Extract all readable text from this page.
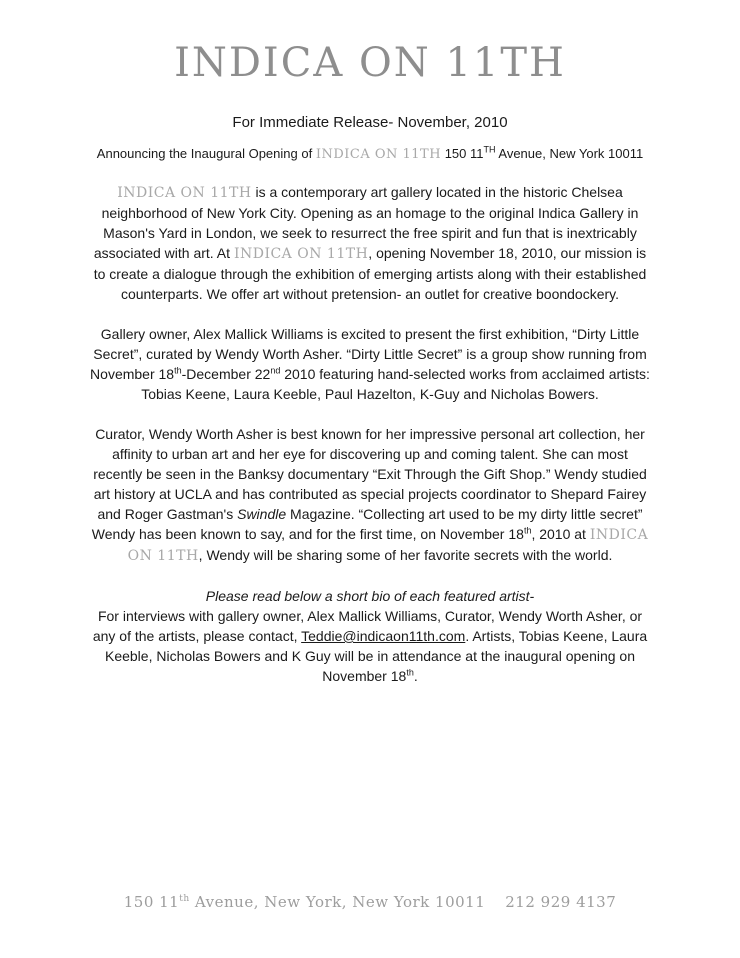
INDICA ON 11TH
For Immediate Release- November, 2010
Announcing the Inaugural Opening of INDICA ON 11TH 150 11TH Avenue, New York 10011

INDICA ON 11TH is a contemporary art gallery located in the historic Chelsea neighborhood of New York City. Opening as an homage to the original Indica Gallery in Mason's Yard in London, we seek to resurrect the free spirit and fun that is inextricably associated with art. At INDICA ON 11TH, opening November 18, 2010, our mission is to create a dialogue through the exhibition of emerging artists along with their established counterparts. We offer art without pretension- an outlet for creative boondockery.

Gallery owner, Alex Mallick Williams is excited to present the first exhibition, “Dirty Little Secret”, curated by Wendy Worth Asher. “Dirty Little Secret” is a group show running from November 18th-December 22nd 2010 featuring hand-selected works from acclaimed artists: Tobias Keene, Laura Keeble, Paul Hazelton, K-Guy and Nicholas Bowers.

Curator, Wendy Worth Asher is best known for her impressive personal art collection, her affinity to urban art and her eye for discovering up and coming talent. She can most recently be seen in the Banksy documentary “Exit Through the Gift Shop.” Wendy studied art history at UCLA and has contributed as special projects coordinator to Shepard Fairey and Roger Gastman's Swindle Magazine. “Collecting art used to be my dirty little secret” Wendy has been known to say, and for the first time, on November 18th, 2010 at INDICA ON 11TH, Wendy will be sharing some of her favorite secrets with the world.

Please read below a short bio of each featured artist-
For interviews with gallery owner, Alex Mallick Williams, Curator, Wendy Worth Asher, or any of the artists, please contact, Teddie@indicaon11th.com. Artists, Tobias Keene, Laura Keeble, Nicholas Bowers and K Guy will be in attendance at the inaugural opening on November 18th.

150 11th Avenue, New York, New York 10011 212 929 4137
